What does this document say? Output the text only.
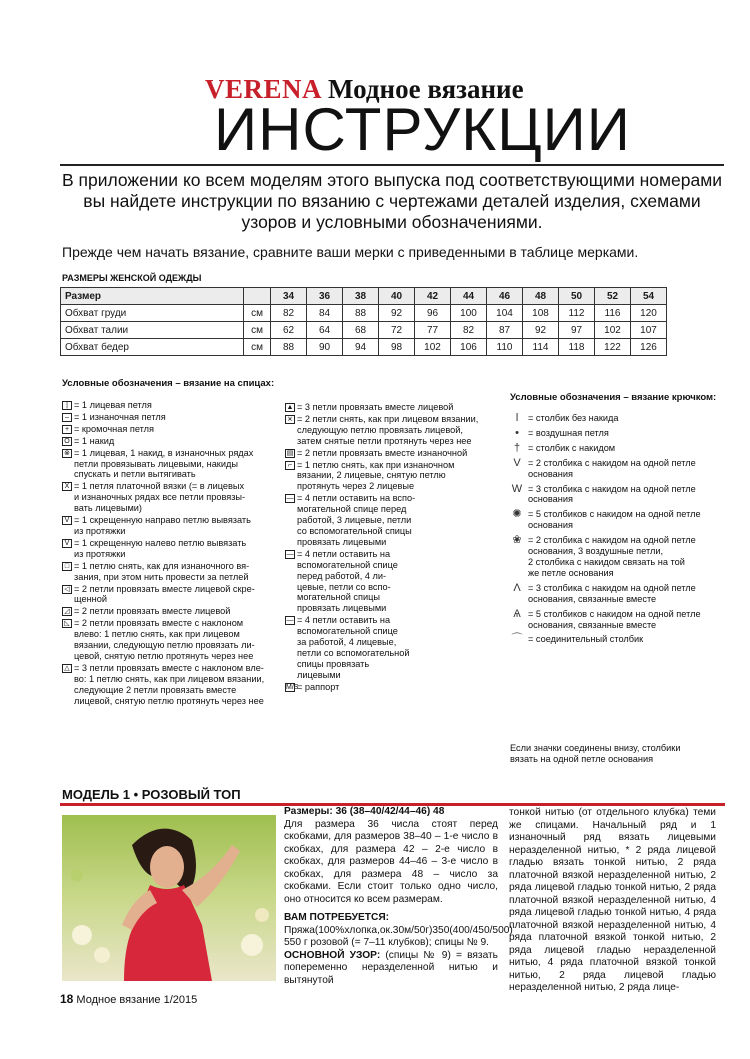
VERENA Модное вязание
ИНСТРУКЦИИ
В приложении ко всем моделям этого выпуска под соответствующими номерами вы найдете инструкции по вязанию с чертежами деталей изделия, схемами узоров и условными обозначениями.
Прежде чем начать вязание, сравните ваши мерки с приведенными в таблице мерками.
РАЗМЕРЫ ЖЕНСКОЙ ОДЕЖДЫ
Размер		34	36	38	40	42	44	46	48	50	52	54
Обхват груди	см	82	84	88	92	96	100	104	108	112	116	120
Обхват талии	см	62	64	68	72	77	82	87	92	97	102	107
Обхват бедер	см	88	90	94	98	102	106	110	114	118	122	126
Условные обозначения – вязание на спицах:
| = 1 лицевая петля
– = 1 изнаночная петля
+ = кромочная петля
O = 1 накид
⊗ = 1 лицевая, 1 накид, в изнаночных рядах
петли провязывать лицевыми, накиды
спускать и петли вытягивать
X = 1 петля платочной вязки (= в лицевых
и изнаночных рядах все петли провязы-
вать лицевыми)
V = 1 скрещенную направо петлю вывязать
из протяжки
V = 1 скрещенную налево петлю вывязать
из протяжки
□ = 1 петлю снять, как для изнаночного вя-
зания, при этом нить провести за петлей
◁ = 2 петли провязать вместе лицевой скре-
щенной
◿ = 2 петли провязать вместе лицевой
◺ = 2 петли провязать вместе с наклоном
влево: 1 петлю снять, как при лицевом
вязании, следующую петлю провязать ли-
цевой, снятую петлю протянуть через нее
△ = 3 петли провязать вместе с наклоном вле-
во: 1 петлю снять, как при лицевом вязании,
следующие 2 петли провязать вместе
лицевой, снятую петлю протянуть через нее
▲ = 3 петли провязать вместе лицевой
⩙ = 2 петли снять, как при лицевом вязании,
следующую петлю провязать лицевой,
затем снятые петли протянуть через нее
▤ = 2 петли провязать вместе изнаночной
⌐ = 1 петлю снять, как при изнаночном
вязании, 2 лицевые, снятую петлю
протянуть через 2 лицевые
— = 4 петли оставить на вспо-
могательной спице перед
работой, 3 лицевые, петли
со вспомогательной спицы
провязать лицевыми
— = 4 петли оставить на
вспомогательной спице
перед работой, 4 ли-
цевые, петли со вспо-
могательной спицы
провязать лицевыми
— = 4 петли оставить на
вспомогательной спице
за работой, 4 лицевые,
петли со вспомогательной
спицы провязать
лицевыми
M/S
= раппорт
Условные обозначения – вязание крючком:
ǀ	= столбик без накида
• = воздушная петля
† = столбик с накидом
V = 2 столбика с накидом на одной петле
основания
W = 3 столбика с накидом на одной петле
основания
✺ = 5 столбиков с накидом на одной петле
основания
❀ = 2 столбика с накидом на одной петле
основания, 3 воздушные петли,
2 столбика с накидом связать на той
же петле основания
Λ = 3 столбика с накидом на одной петле
основания, связанные вместе
Ѧ = 5 столбиков с накидом на одной петле
основания, связанные вместе
⌒ = соединительный столбик
Если значки соединены внизу, столбики
вязать на одной петле основания
МОДЕЛЬ 1 • РОЗОВЫЙ ТОП
Размеры: 36 (38–40/42/44–46) 48
Для размера 36 числа стоят перед скобками, для размеров 38–40 – 1-е число в скобках, для размера 42 – 2-е число в скобках, для размеров 44–46 – 3-е число в скобках, для размера 48 – число за скобками. Если стоит только одно число, оно относится ко всем размерам.
ВАМ ПОТРЕБУЕТСЯ:
Пряжа(100%хлопка,ок.30м/50г)350(400/450/500) 550 г розовой (= 7–11 клубков); спицы № 9.
ОСНОВНОЙ УЗОР: (спицы № 9) = вязать попеременно неразделенной нитью и вытянутой
тонкой нитью (от отдельного клубка) теми же спицами. Начальный ряд и 1 изнаночный ряд вязать лицевыми неразделенной нитью, * 2 ряда лицевой гладью вязать тонкой нитью, 2 ряда платочной вязкой неразделенной нитью, 2 ряда лицевой гладью тонкой нитью, 2 ряда платочной вязкой неразделенной нитью, 4 ряда лицевой гладью тонкой нитью, 4 ряда платочной вязкой неразделенной нитью, 4 ряда платочной вязкой тонкой нитью, 2 ряда лицевой гладью неразделенной нитью, 4 ряда платочной вязкой тонкой нитью, 2 ряда лицевой гладью неразделенной нитью, 2 ряда лице-
18 Модное вязание 1/2015
